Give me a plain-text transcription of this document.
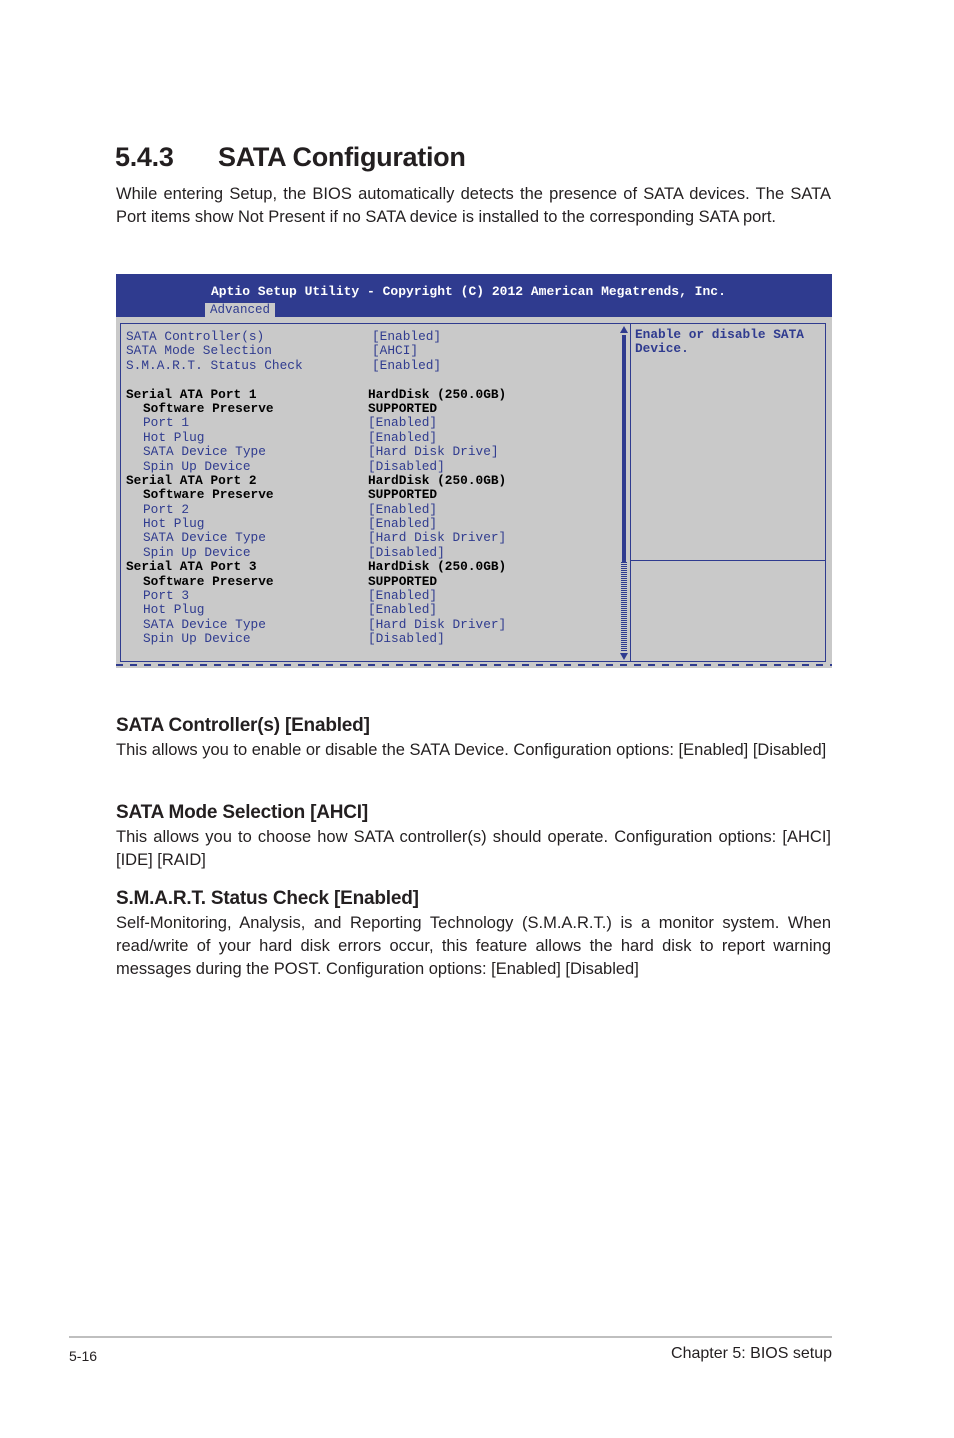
5.4.3 SATA Configuration

While entering Setup, the BIOS automatically detects the presence of SATA devices. The SATA Port items show Not Present if no SATA device is installed to the corresponding SATA port.

Aptio Setup Utility - Copyright (C) 2012 American Megatrends, Inc.
Advanced
SATA Controller(s)	[Enabled]
SATA Mode Selection	[AHCI]
S.M.A.R.T. Status Check	[Enabled]
Serial ATA Port 1	HardDisk (250.0GB)
Software Preserve	SUPPORTED
Port 1	[Enabled]
Hot Plug	[Enabled]
SATA Device Type	[Hard Disk Drive]
Spin Up Device	[Disabled]
Serial ATA Port 2	HardDisk (250.0GB)
Software Preserve	SUPPORTED
Port 2	[Enabled]
Hot Plug	[Enabled]
SATA Device Type	[Hard Disk Driver]
Spin Up Device	[Disabled]
Serial ATA Port 3	HardDisk (250.0GB)
Software Preserve	SUPPORTED
Port 3	[Enabled]
Hot Plug	[Enabled]
SATA Device Type	[Hard Disk Driver]
Spin Up Device	[Disabled]
Enable or disable SATA Device.
SATA Controller(s) [Enabled]

This allows you to enable or disable the SATA Device. Configuration options: [Enabled] [Disabled]

SATA Mode Selection [AHCI]

This allows you to choose how SATA controller(s) should operate. Configuration options: [AHCI] [IDE] [RAID]

S.M.A.R.T. Status Check [Enabled]

Self-Monitoring, Analysis, and Reporting Technology (S.M.A.R.T.) is a monitor system. When read/write of your hard disk errors occur, this feature allows the hard disk to report warning messages during the POST. Configuration options: [Enabled] [Disabled]

5-16	Chapter 5: BIOS setup
